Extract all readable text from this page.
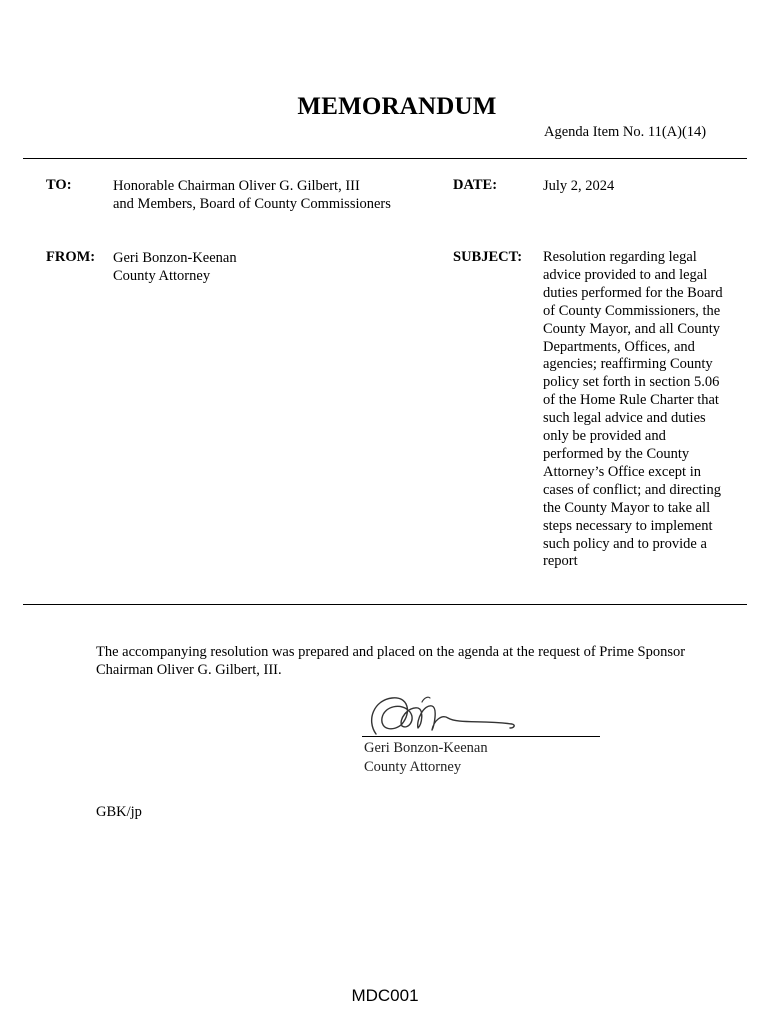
MEMORANDUM
Agenda Item No. 11(A)(14)
TO:	Honorable Chairman Oliver G. Gilbert, III
and Members, Board of County Commissioners
DATE:	July 2, 2024
FROM: Geri Bonzon-Keenan
County Attorney
SUBJECT: Resolution regarding legal
advice provided to and legal
duties performed for the Board
of County Commissioners, the
County Mayor, and all County
Departments, Offices, and
agencies; reaffirming County
policy set forth in section 5.06
of the Home Rule Charter that
such legal advice and duties
only be provided and
performed by the County
Attorney’s Office except in
cases of conflict; and directing
the County Mayor to take all
steps necessary to implement
such policy and to provide a
report
The accompanying resolution was prepared and placed on the agenda at the request of Prime Sponsor
Chairman Oliver G. Gilbert, III.
Geri Bonzon-Keenan
County Attorney
GBK/jp
MDC001
